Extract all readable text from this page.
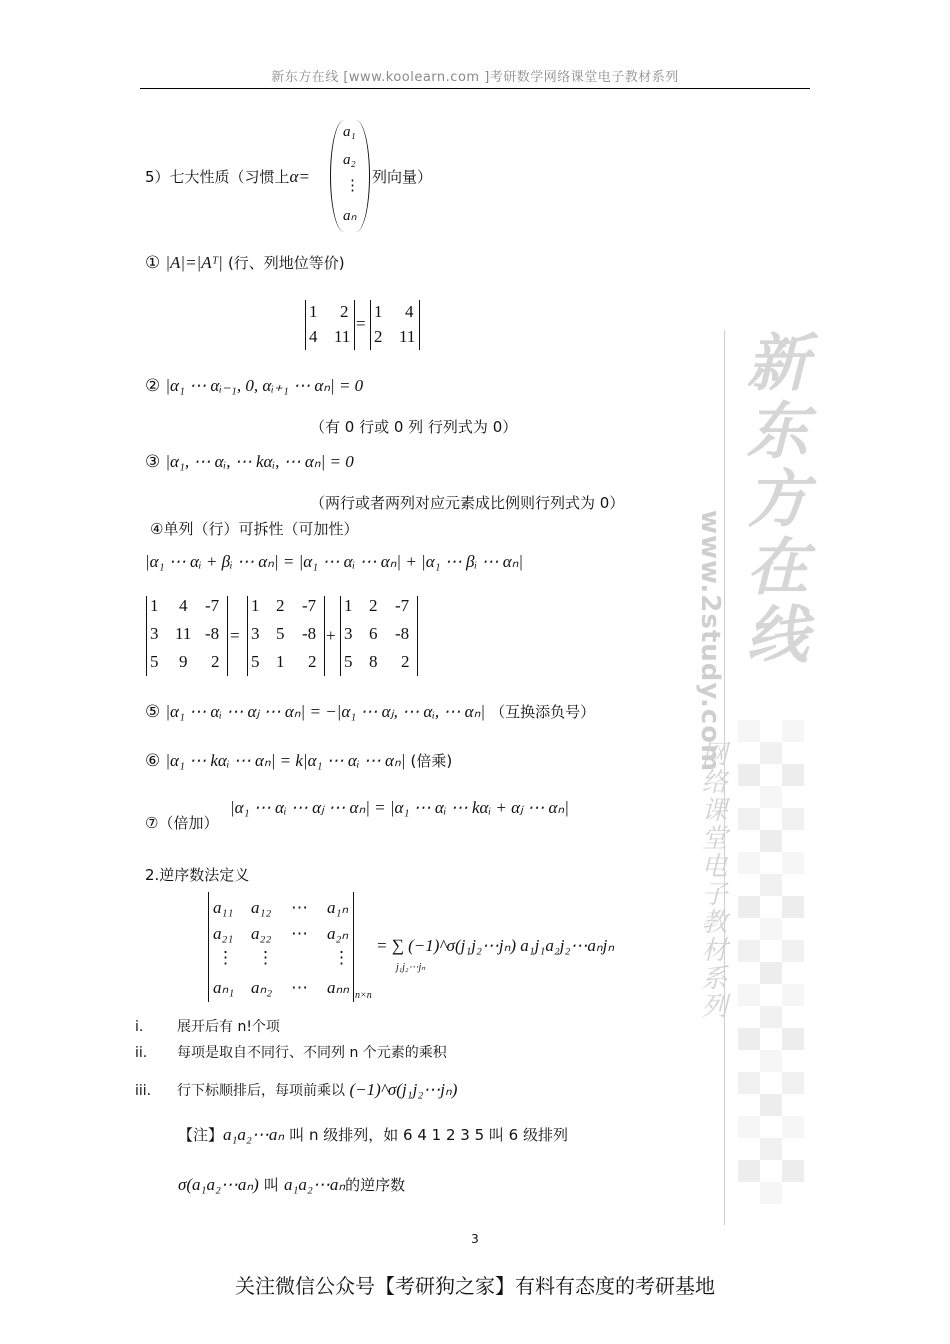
新东方在线 [www.koolearn.com ]考研数学网络课堂电子教材系列
新东方在线
www.2study.com
网络课堂电子教材系列
5）七大性质（习惯上α=
a₁
a₂
⋮
aₙ
列向量）
① |A|=|Aᵀ| (行、列地位等价)
1 2
4 11
=
1 4
2 11
② |α₁ ⋯ αᵢ₋₁, 0, αᵢ₊₁ ⋯ αₙ| = 0
（有 0 行或 0 列 行列式为 0）
③ |α₁, ⋯ αᵢ, ⋯ kαᵢ, ⋯ αₙ| = 0
（两行或者两列对应元素成比例则行列式为 0）
④单列（行）可拆性（可加性）
|α₁ ⋯ αᵢ + βᵢ ⋯ αₙ| = |α₁ ⋯ αᵢ ⋯ αₙ| + |α₁ ⋯ βᵢ ⋯ αₙ|
1 4 -7
3 11 -8
5 9 2
=
1 2 -7
3 5 -8
5 1 2
+
1 2 -7
3 6 -8
5 8 2
⑤ |α₁ ⋯ αᵢ ⋯ αⱼ ⋯ αₙ| = −|α₁ ⋯ αⱼ, ⋯ αᵢ, ⋯ αₙ| （互换添负号）
⑥ |α₁ ⋯ kαᵢ ⋯ αₙ| = k|α₁ ⋯ αᵢ ⋯ αₙ| (倍乘)
⑦（倍加）
|α₁ ⋯ αᵢ ⋯ αⱼ ⋯ αₙ| = |α₁ ⋯ αᵢ ⋯ kαᵢ + αⱼ ⋯ αₙ|
2.逆序数法定义
a₁₁ a₁₂ ⋯ a₁ₙ
a₂₁ a₂₂ ⋯ a₂ₙ
⋮ ⋮	⋮
aₙ₁ aₙ₂ ⋯ aₙₙ n×n
= ∑ (−1)^σ(j₁j₂⋯jₙ) a₁j₁a₂j₂⋯aₙjₙ
j₁j₂⋯jₙ
i. 展开后有 n!个项
ii. 每项是取自不同行、不同列 n 个元素的乘积
iii. 行下标顺排后，每项前乘以 (−1)^σ(j₁j₂⋯jₙ)
【注】a₁a₂⋯aₙ 叫 n 级排列，如 6 4 1 2 3 5 叫 6 级排列
σ(a₁a₂⋯aₙ) 叫 a₁a₂⋯aₙ的逆序数
3
关注微信公众号【考研狗之家】有料有态度的考研基地
